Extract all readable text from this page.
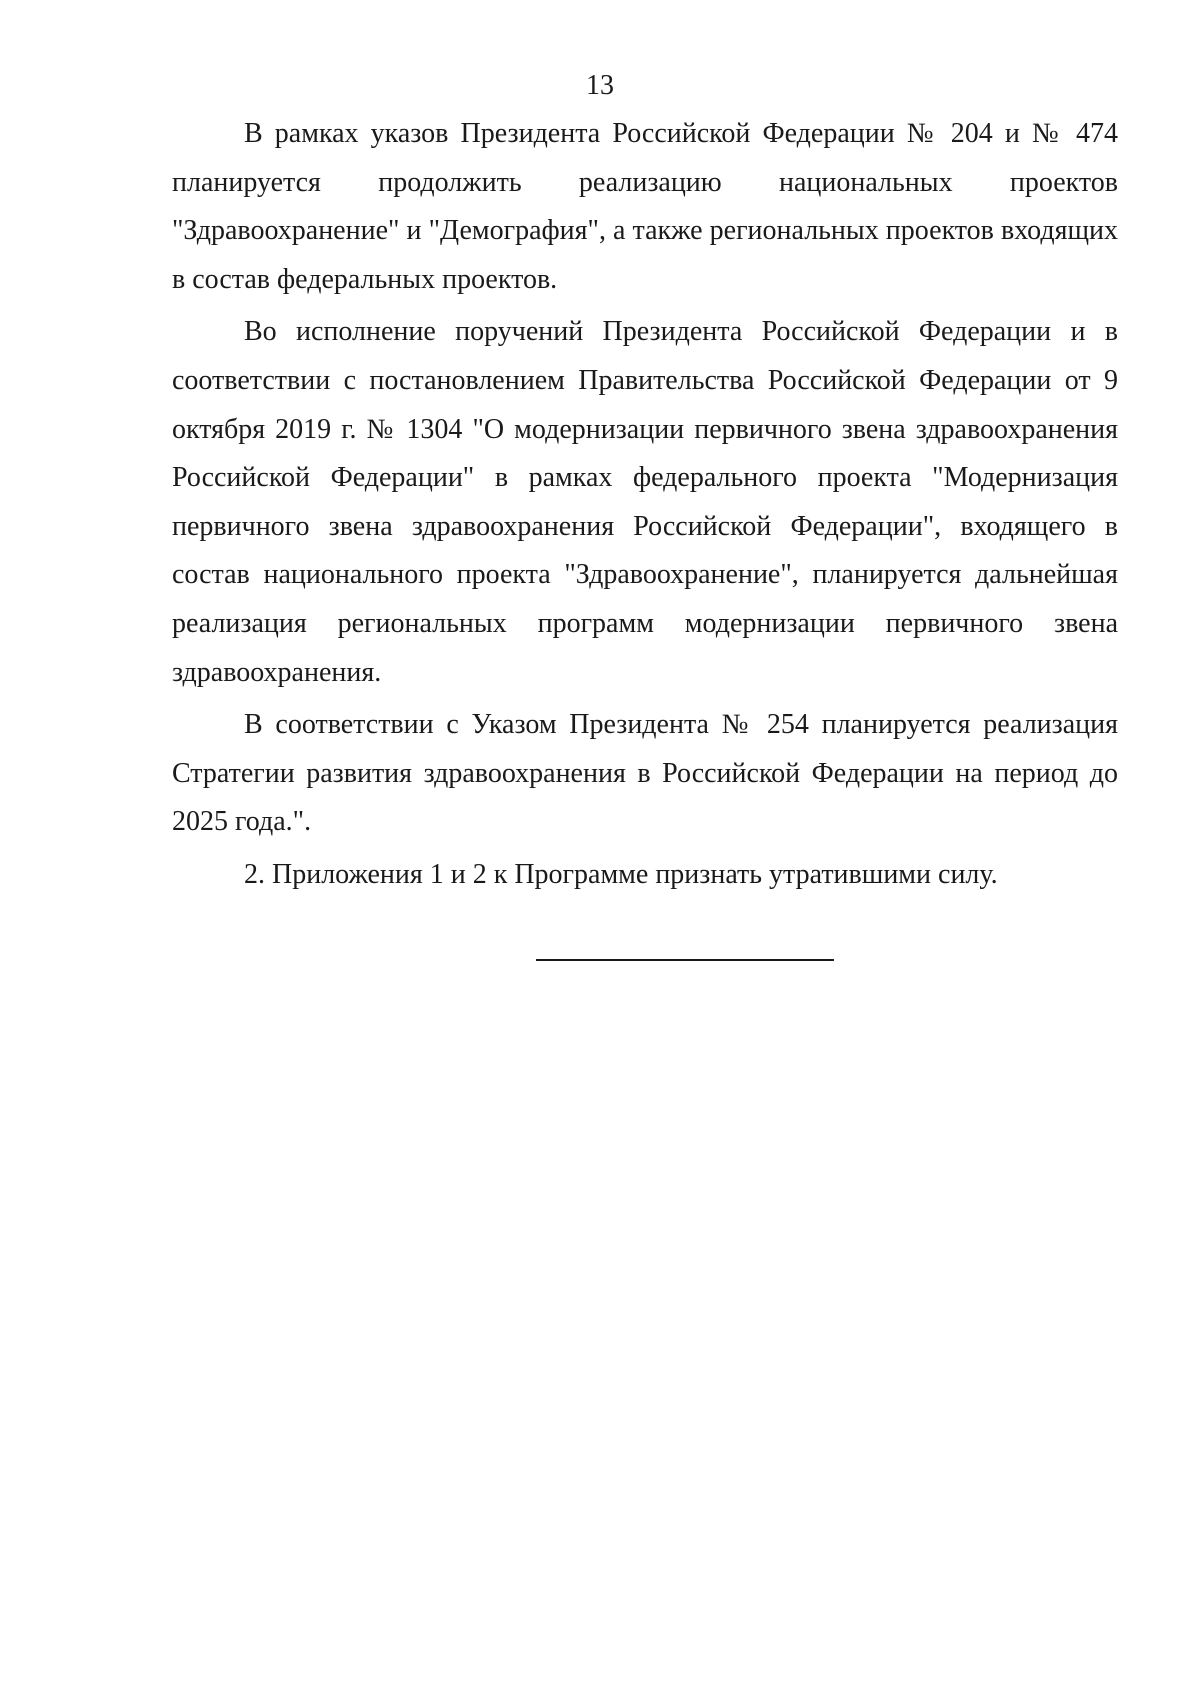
13

В рамках указов Президента Российской Федерации № 204 и № 474 планируется продолжить реализацию национальных проектов "Здравоохранение" и "Демография", а также региональных проектов входящих в состав федеральных проектов.

Во исполнение поручений Президента Российской Федерации и в соответствии с постановлением Правительства Российской Федерации от 9 октября 2019 г. № 1304 "О модернизации первичного звена здравоохранения Российской Федерации" в рамках федерального проекта "Модернизация первичного звена здравоохранения Российской Федерации", входящего в состав национального проекта "Здравоохранение", планируется дальнейшая реализация региональных программ модернизации первичного звена здравоохранения.

В соответствии с Указом Президента № 254 планируется реализация Стратегии развития здравоохранения в Российской Федерации на период до 2025 года.".

2. Приложения 1 и 2 к Программе признать утратившими силу.
